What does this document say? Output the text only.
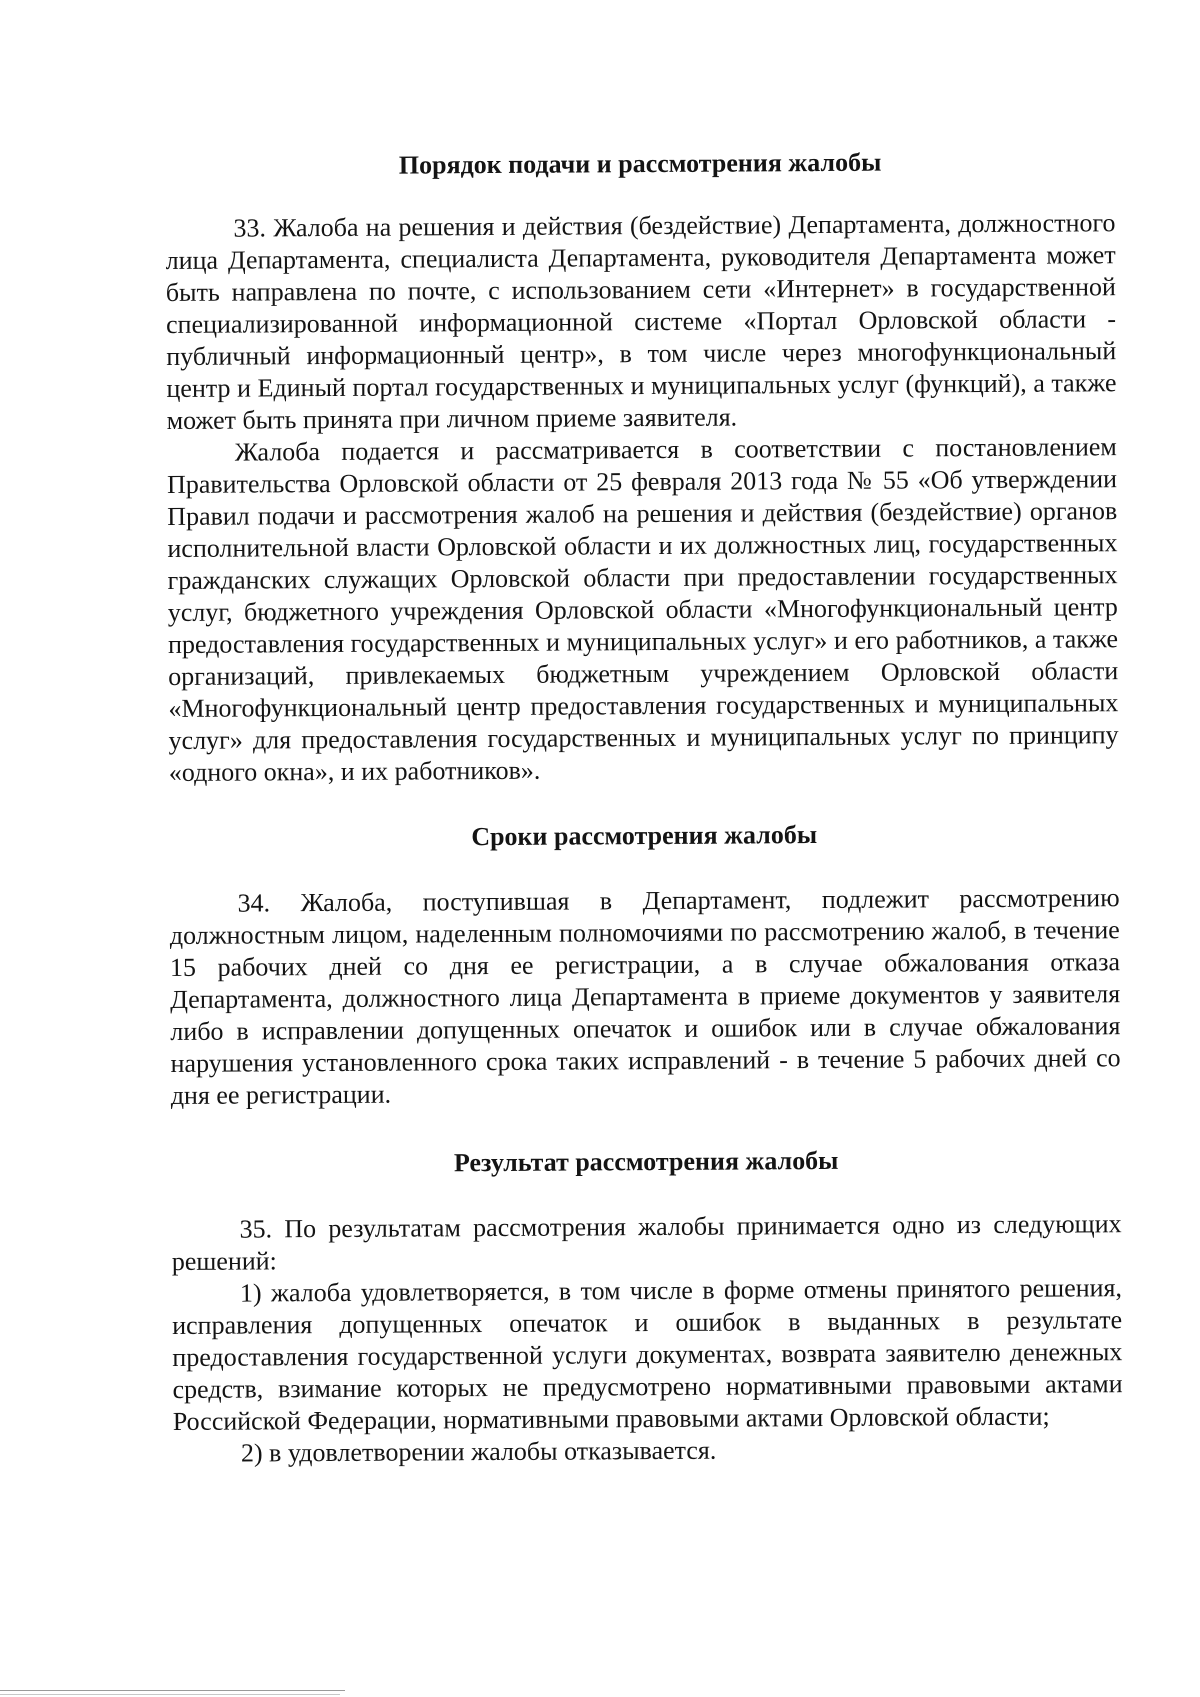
Порядок подачи и рассмотрения жалобы

33. Жалоба на решения и действия (бездействие) Департамента, должностного лица Департамента, специалиста Департамента, руководителя Департамента может быть направлена по почте, с использованием сети «Интернет» в государственной специализированной информационной системе «Портал Орловской области - публичный информационный центр», в том числе через многофункциональный центр и Единый портал государственных и муниципальных услуг (функций), а также может быть принята при личном приеме заявителя.

Жалоба подается и рассматривается в соответствии с постановлением Правительства Орловской области от 25 февраля 2013 года № 55 «Об утверждении Правил подачи и рассмотрения жалоб на решения и действия (бездействие) органов исполнительной власти Орловской области и их должностных лиц, государственных гражданских служащих Орловской области при предоставлении государственных услуг, бюджетного учреждения Орловской области «Многофункциональный центр предоставления государственных и муниципальных услуг» и его работников, а также организаций, привлекаемых бюджетным учреждением Орловской области «Многофункциональный центр предоставления государственных и муниципальных услуг» для предоставления государственных и муниципальных услуг по принципу «одного окна», и их работников».

Сроки рассмотрения жалобы

34. Жалоба, поступившая в Департамент, подлежит рассмотрению должностным лицом, наделенным полномочиями по рассмотрению жалоб, в течение 15 рабочих дней со дня ее регистрации, а в случае обжалования отказа Департамента, должностного лица Департамента в приеме документов у заявителя либо в исправлении допущенных опечаток и ошибок или в случае обжалования нарушения установленного срока таких исправлений - в течение 5 рабочих дней со дня ее регистрации.

Результат рассмотрения жалобы

35. По результатам рассмотрения жалобы принимается одно из следующих решений:

1) жалоба удовлетворяется, в том числе в форме отмены принятого решения, исправления допущенных опечаток и ошибок в выданных в результате предоставления государственной услуги документах, возврата заявителю денежных средств, взимание которых не предусмотрено нормативными правовыми актами Российской Федерации, нормативными правовыми актами Орловской области;

2) в удовлетворении жалобы отказывается.
